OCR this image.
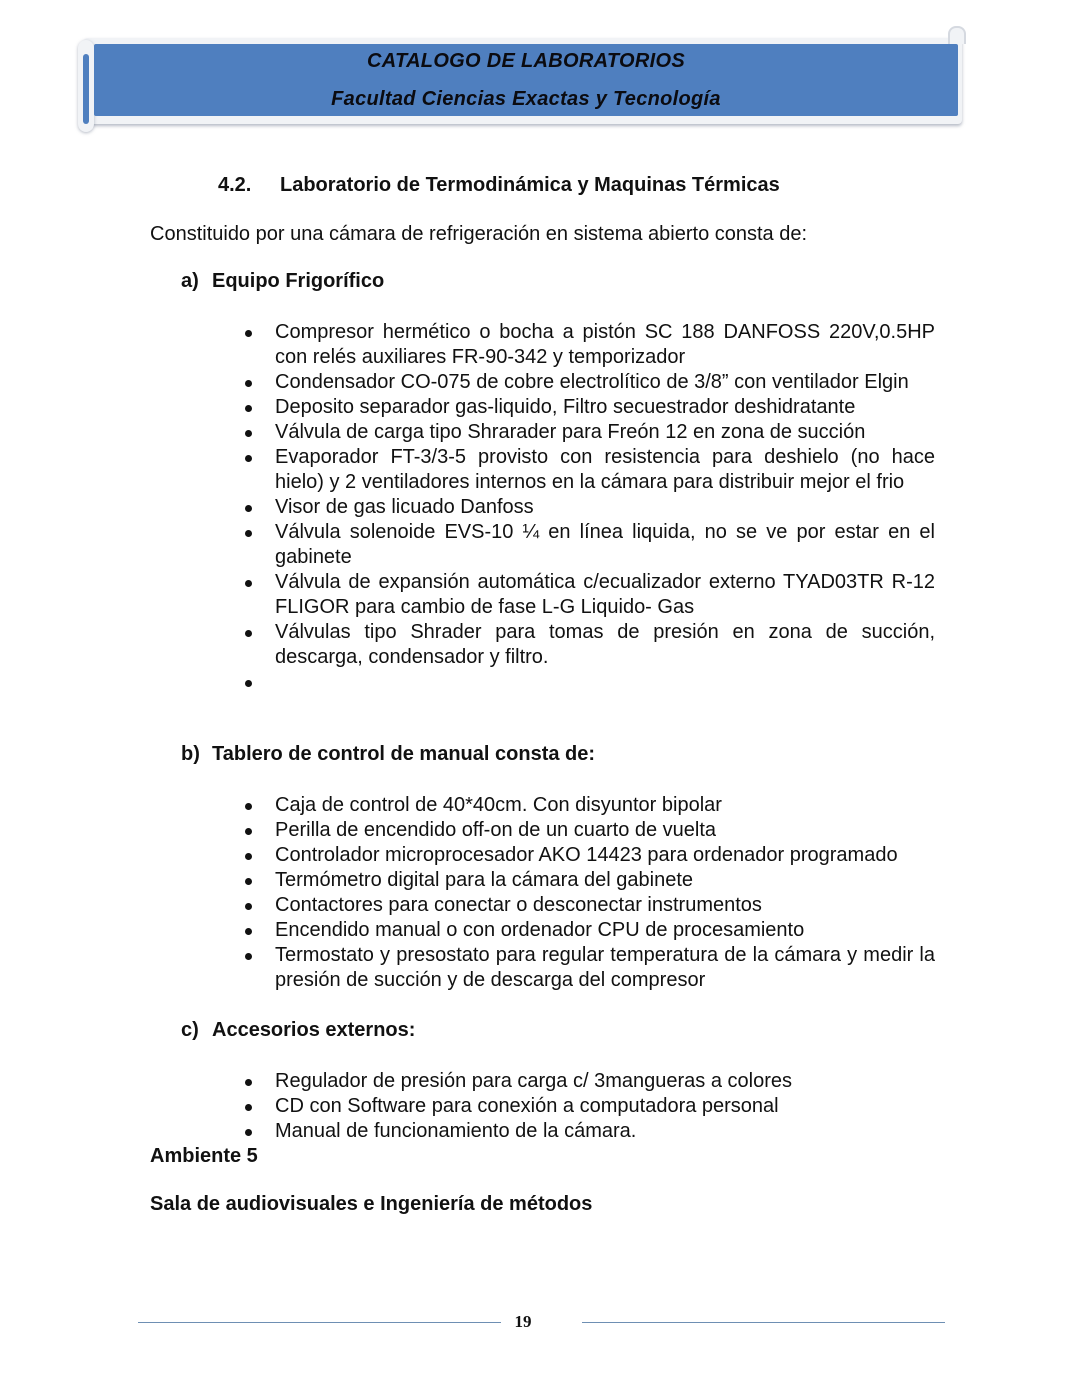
CATALOGO DE LABORATORIOS
Facultad Ciencias Exactas y Tecnología
4.2. Laboratorio de Termodinámica y Maquinas Térmicas
Constituido por una cámara de refrigeración en sistema abierto consta de:
a) Equipo Frigorífico
Compresor hermético o bocha a pistón SC 188 DANFOSS 220V,0.5HP con relés auxiliares FR-90-342 y temporizador
Condensador CO-075 de cobre electrolítico de 3/8” con ventilador Elgin
Deposito separador gas-liquido, Filtro secuestrador deshidratante
Válvula de carga tipo Shrarader para Freón 12 en zona de succión
Evaporador FT-3/3-5 provisto con resistencia para deshielo (no hace hielo) y 2 ventiladores internos en la cámara para distribuir mejor el frio
Visor de gas licuado Danfoss
Válvula solenoide EVS-10 ¼ en línea liquida, no se ve por estar en el gabinete
Válvula de expansión automática c/ecualizador externo TYAD03TR R-12 FLIGOR para cambio de fase L-G Liquido- Gas
Válvulas tipo Shrader para tomas de presión en zona de succión, descarga, condensador y filtro.
b) Tablero de control de manual consta de:
Caja de control de 40*40cm. Con disyuntor bipolar
Perilla de encendido off-on de un cuarto de vuelta
Controlador microprocesador AKO 14423 para ordenador programado
Termómetro digital para la cámara del gabinete
Contactores para conectar o desconectar instrumentos
Encendido manual o con ordenador CPU de procesamiento
Termostato y presostato para regular temperatura de la cámara y medir la presión de succión y de descarga del compresor
c) Accesorios externos:
Regulador de presión para carga c/ 3mangueras a colores
CD con Software para conexión a computadora personal
Manual de funcionamiento de la cámara.
Ambiente 5
Sala de audiovisuales e Ingeniería de métodos
19
